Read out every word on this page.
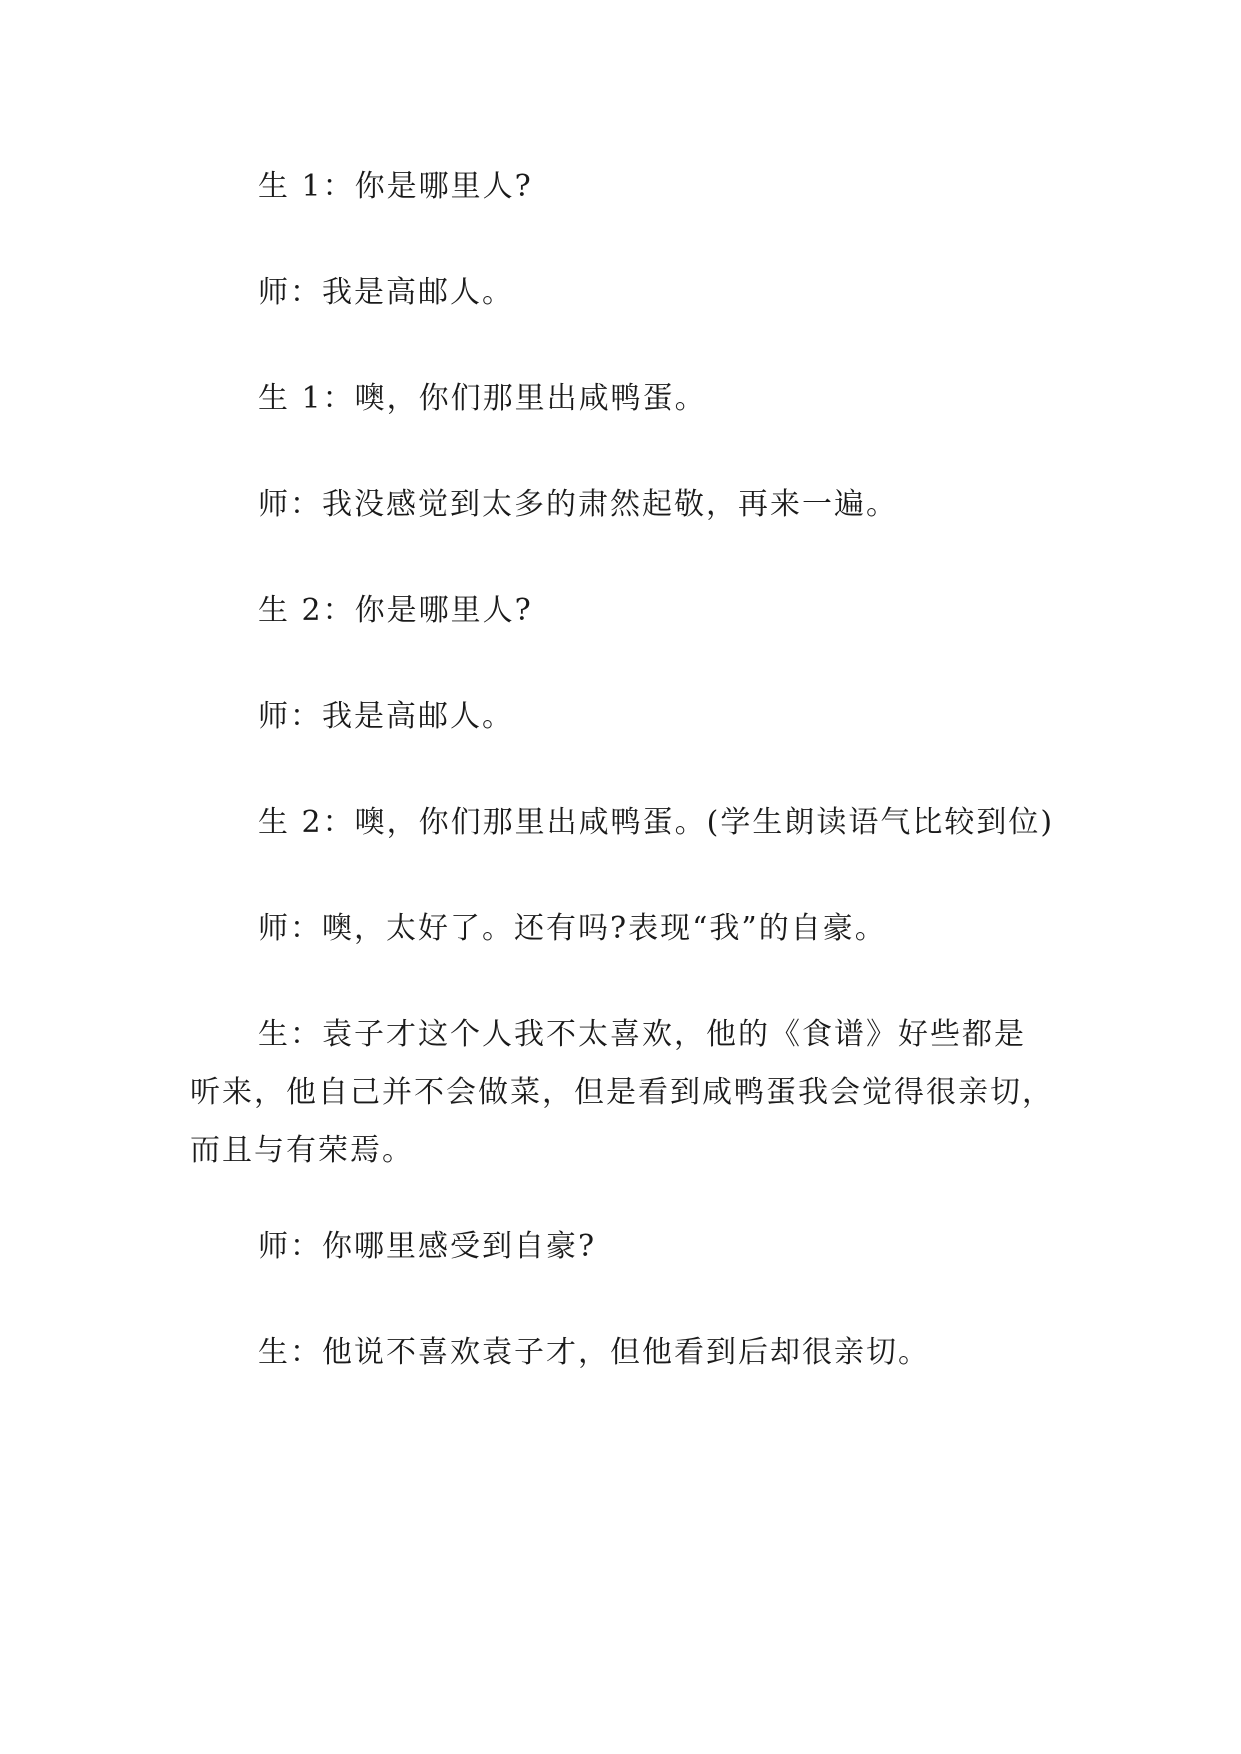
生 1：你是哪里人?

师：我是高邮人。

生 1：噢，你们那里出咸鸭蛋。

师：我没感觉到太多的肃然起敬，再来一遍。

生 2：你是哪里人?

师：我是高邮人。

生 2：噢，你们那里出咸鸭蛋。(学生朗读语气比较到位)

师：噢，太好了。还有吗?表现“我”的自豪。

生：袁子才这个人我不太喜欢，他的《食谱》好些都是听来，他自己并不会做菜，但是看到咸鸭蛋我会觉得很亲切，而且与有荣焉。

师：你哪里感受到自豪?

生：他说不喜欢袁子才，但他看到后却很亲切。
